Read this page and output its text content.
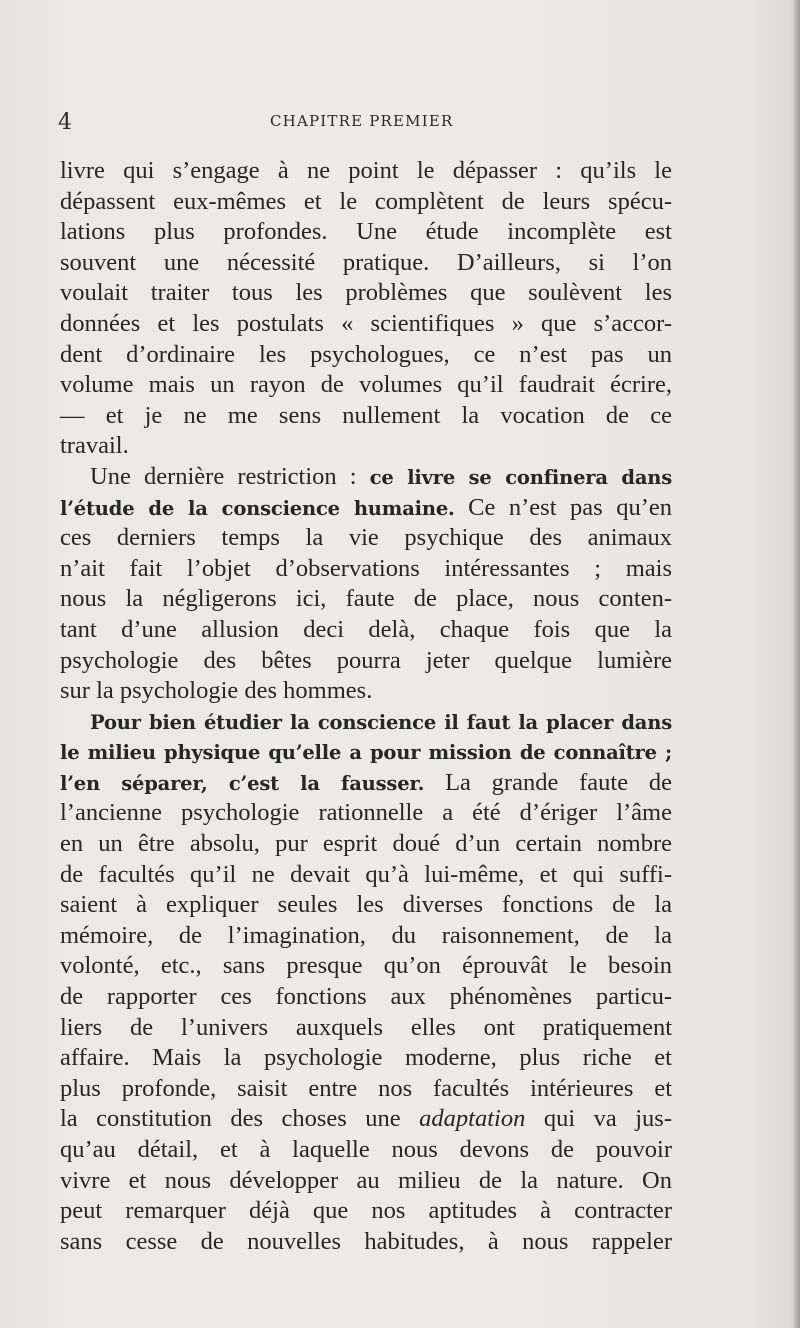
4	CHAPITRE PREMIER
livre qui s’engage à ne point le dépasser : qu’ils le
dépassent eux-mêmes et le complètent de leurs spécu-
lations plus profondes. Une étude incomplète est
souvent une nécessité pratique. D’ailleurs, si l’on
voulait traiter tous les problèmes que soulèvent les
données et les postulats « scientifiques » que s’accor-
dent d’ordinaire les psychologues, ce n’est pas un
volume mais un rayon de volumes qu’il faudrait écrire,
— et je ne me sens nullement la vocation de ce
travail.
Une dernière restriction : ce livre se confinera dans
l’étude de la conscience humaine. Ce n’est pas qu’en
ces derniers temps la vie psychique des animaux
n’ait fait l’objet d’observations intéressantes ; mais
nous la négligerons ici, faute de place, nous conten-
tant d’une allusion deci delà, chaque fois que la
psychologie des bêtes pourra jeter quelque lumière
sur la psychologie des hommes.
Pour bien étudier la conscience il faut la placer dans
le milieu physique qu’elle a pour mission de connaître ;
l’en séparer, c’est la fausser. La grande faute de
l’ancienne psychologie rationnelle a été d’ériger l’âme
en un être absolu, pur esprit doué d’un certain nombre
de facultés qu’il ne devait qu’à lui-même, et qui suffi-
saient à expliquer seules les diverses fonctions de la
mémoire, de l’imagination, du raisonnement, de la
volonté, etc., sans presque qu’on éprouvât le besoin
de rapporter ces fonctions aux phénomènes particu-
liers de l’univers auxquels elles ont pratiquement
affaire. Mais la psychologie moderne, plus riche et
plus profonde, saisit entre nos facultés intérieures et
la constitution des choses une adaptation qui va jus-
qu’au détail, et à laquelle nous devons de pouvoir
vivre et nous développer au milieu de la nature. On
peut remarquer déjà que nos aptitudes à contracter
sans cesse de nouvelles habitudes, à nous rappeler
